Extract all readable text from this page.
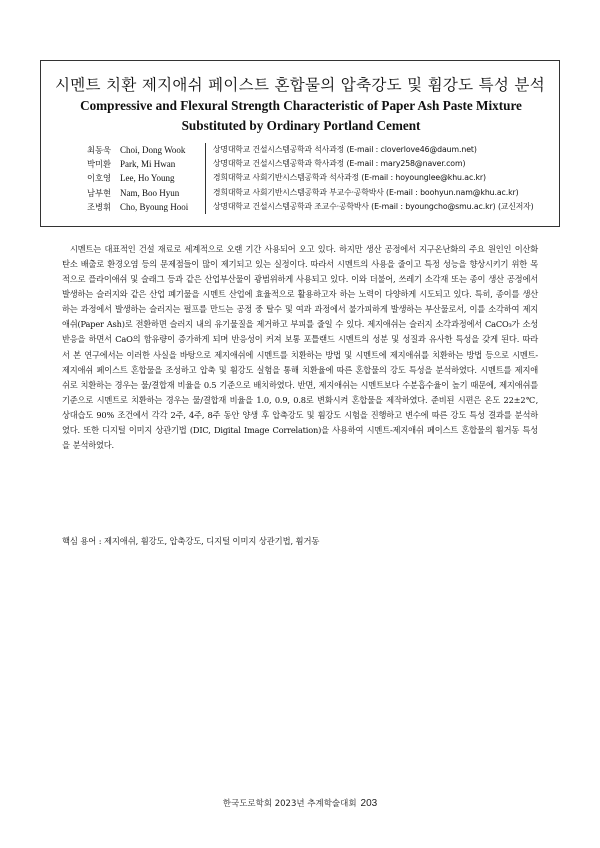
시멘트 치환 제지애쉬 페이스트 혼합물의 압축강도 및 휨강도 특성 분석
Compressive and Flexural Strength Characteristic of Paper Ash Paste Mixture Substituted by Ordinary Portland Cement
최동욱 Choi, Dong Wook	상명대학교 건설시스템공학과 석사과정 (E-mail : cloverlove46@daum.net)
박미환 Park, Mi Hwan	상명대학교 건설시스템공학과 학사과정 (E-mail : mary258@naver.com)
이호영 Lee, Ho Young	경희대학교 사회기반시스템공학과 석사과정 (E-mail : hoyounglee@khu.ac.kr)
남부현 Nam, Boo Hyun	경희대학교 사회기반시스템공학과 부교수·공학박사 (E-mail : boohyun.nam@khu.ac.kr)
조병휘 Cho, Byoung Hooi	상명대학교 건설시스템공학과 조교수·공학박사 (E-mail : byoungcho@smu.ac.kr) (교신저자)

시멘트는 대표적인 건설 재료로 세계적으로 오랜 기간 사용되어 오고 있다. 하지만 생산 공정에서 지구온난화의 주요 원인인 이산화탄소 배출로 환경오염 등의 문제점들이 많이 제기되고 있는 실정이다. 따라서 시멘트의 사용을 줄이고 특정 성능을 향상시키기 위한 목적으로 플라이애쉬 및 슬래그 등과 같은 산업부산물이 광범위하게 사용되고 있다. 이와 더불어, 쓰레기 소각재 또는 종이 생산 공정에서 발생하는 슬러지와 같은 산업 폐기물을 시멘트 산업에 효율적으로 활용하고자 하는 노력이 다양하게 시도되고 있다. 특히, 종이를 생산하는 과정에서 발생하는 슬러지는 펄프를 만드는 공정 중 탈수 및 여과 과정에서 불가피하게 발생하는 부산물로서, 이를 소각하여 제지애쉬(Paper Ash)로 전환하면 슬러지 내의 유기물질을 제거하고 부피를 줄일 수 있다. 제지애쉬는 슬러지 소각과정에서 CaCO₃가 소성반응을 하면서 CaO의 함유량이 증가하게 되며 반응성이 커져 보통 포틀랜드 시멘트의 성분 및 성질과 유사한 특성을 갖게 된다. 따라서 본 연구에서는 이러한 사실을 바탕으로 제지애쉬에 시멘트를 치환하는 방법 및 시멘트에 제지애쉬를 치환하는 방법 등으로 시멘트-제지애쉬 페이스트 혼합물을 조성하고 압축 및 휨강도 실험을 통해 치환율에 따른 혼합물의 강도 특성을 분석하였다. 시멘트를 제지애쉬로 치환하는 경우는 물/결합재 비율을 0.5 기준으로 배치하였다. 반면, 제지애쉬는 시멘트보다 수분흡수율이 높기 때문에, 제지애쉬를 기준으로 시멘트로 치환하는 경우는 물/결합재 비율을 1.0, 0.9, 0.8로 변화시켜 혼합물을 제작하였다. 준비된 시편은 온도 22±2℃, 상대습도 90% 조건에서 각각 2주, 4주, 8주 동안 양생 후 압축강도 및 휨강도 시험을 진행하고 변수에 따른 강도 특성 결과를 분석하였다. 또한 디지털 이미지 상관기법 (DIC, Digital Image Correlation)을 사용하여 시멘트-제지애쉬 페이스트 혼합물의 휨거동 특성을 분석하였다.

핵심 용어 : 제지애쉬, 휨강도, 압축강도, 디지털 이미지 상관기법, 휨거동
한국도로학회 2023년 추계학술대회 203
